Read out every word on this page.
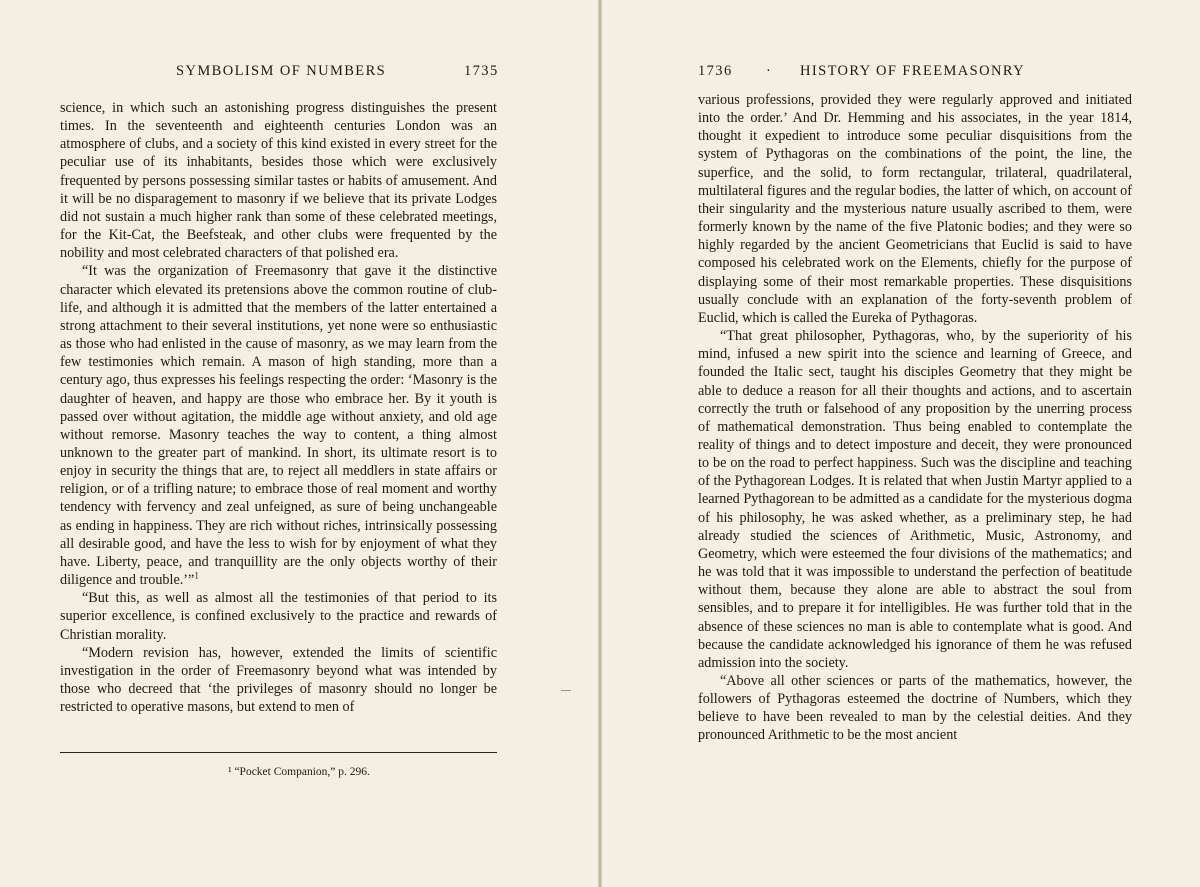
SYMBOLISM OF NUMBERS	1735

science, in which such an astonishing progress distinguishes the present times. In the seventeenth and eighteenth centuries London was an atmosphere of clubs, and a society of this kind existed in every street for the peculiar use of its inhabitants, besides those which were exclusively frequented by persons possessing similar tastes or habits of amusement. And it will be no disparagement to masonry if we believe that its private Lodges did not sustain a much higher rank than some of these celebrated meetings, for the Kit-Cat, the Beefsteak, and other clubs were frequented by the nobility and most celebrated characters of that polished era.

“It was the organization of Freemasonry that gave it the distinctive character which elevated its pretensions above the common routine of club-life, and although it is admitted that the members of the latter entertained a strong attachment to their several institutions, yet none were so enthusiastic as those who had enlisted in the cause of masonry, as we may learn from the few testimonies which remain. A mason of high standing, more than a century ago, thus expresses his feelings respecting the order: ‘Masonry is the daughter of heaven, and happy are those who embrace her. By it youth is passed over without agitation, the middle age without anxiety, and old age without remorse. Masonry teaches the way to content, a thing almost unknown to the greater part of mankind. In short, its ultimate resort is to enjoy in security the things that are, to reject all meddlers in state affairs or religion, or of a trifling nature; to embrace those of real moment and worthy tendency with fervency and zeal unfeigned, as sure of being unchangeable as ending in happiness. They are rich without riches, intrinsically possessing all desirable good, and have the less to wish for by enjoyment of what they have. Liberty, peace, and tranquillity are the only objects worthy of their diligence and trouble.’”$^1$

“But this, as well as almost all the testimonies of that period to its superior excellence, is confined exclusively to the practice and rewards of Christian morality.

“Modern revision has, however, extended the limits of scientific investigation in the order of Freemasonry beyond what was intended by those who decreed that ‘the privileges of masonry should no longer be restricted to operative masons, but extend to men of

¹ “Pocket Companion,” p. 296.
1736 · HISTORY OF FREEMASONRY

various professions, provided they were regularly approved and initiated into the order.’ And Dr. Hemming and his associates, in the year 1814, thought it expedient to introduce some peculiar disquisitions from the system of Pythagoras on the combinations of the point, the line, the superfice, and the solid, to form rectangular, trilateral, quadrilateral, multilateral figures and the regular bodies, the latter of which, on account of their singularity and the mysterious nature usually ascribed to them, were formerly known by the name of the five Platonic bodies; and they were so highly regarded by the ancient Geometricians that Euclid is said to have composed his celebrated work on the Elements, chiefly for the purpose of displaying some of their most remarkable properties. These disquisitions usually conclude with an explanation of the forty-seventh problem of Euclid, which is called the Eureka of Pythagoras.

“That great philosopher, Pythagoras, who, by the superiority of his mind, infused a new spirit into the science and learning of Greece, and founded the Italic sect, taught his disciples Geometry that they might be able to deduce a reason for all their thoughts and actions, and to ascertain correctly the truth or falsehood of any proposition by the unerring process of mathematical demonstration. Thus being enabled to contemplate the reality of things and to detect imposture and deceit, they were pronounced to be on the road to perfect happiness. Such was the discipline and teaching of the Pythagorean Lodges. It is related that when Justin Martyr applied to a learned Pythagorean to be admitted as a candidate for the mysterious dogma of his philosophy, he was asked whether, as a preliminary step, he had already studied the sciences of Arithmetic, Music, Astronomy, and Geometry, which were esteemed the four divisions of the mathematics; and he was told that it was impossible to understand the perfection of beatitude without them, because they alone are able to abstract the soul from sensibles, and to prepare it for intelligibles. He was further told that in the absence of these sciences no man is able to contemplate what is good. And because the candidate acknowledged his ignorance of them he was refused admission into the society.

“Above all other sciences or parts of the mathematics, however, the followers of Pythagoras esteemed the doctrine of Numbers, which they believe to have been revealed to man by the celestial deities. And they pronounced Arithmetic to be the most ancient
